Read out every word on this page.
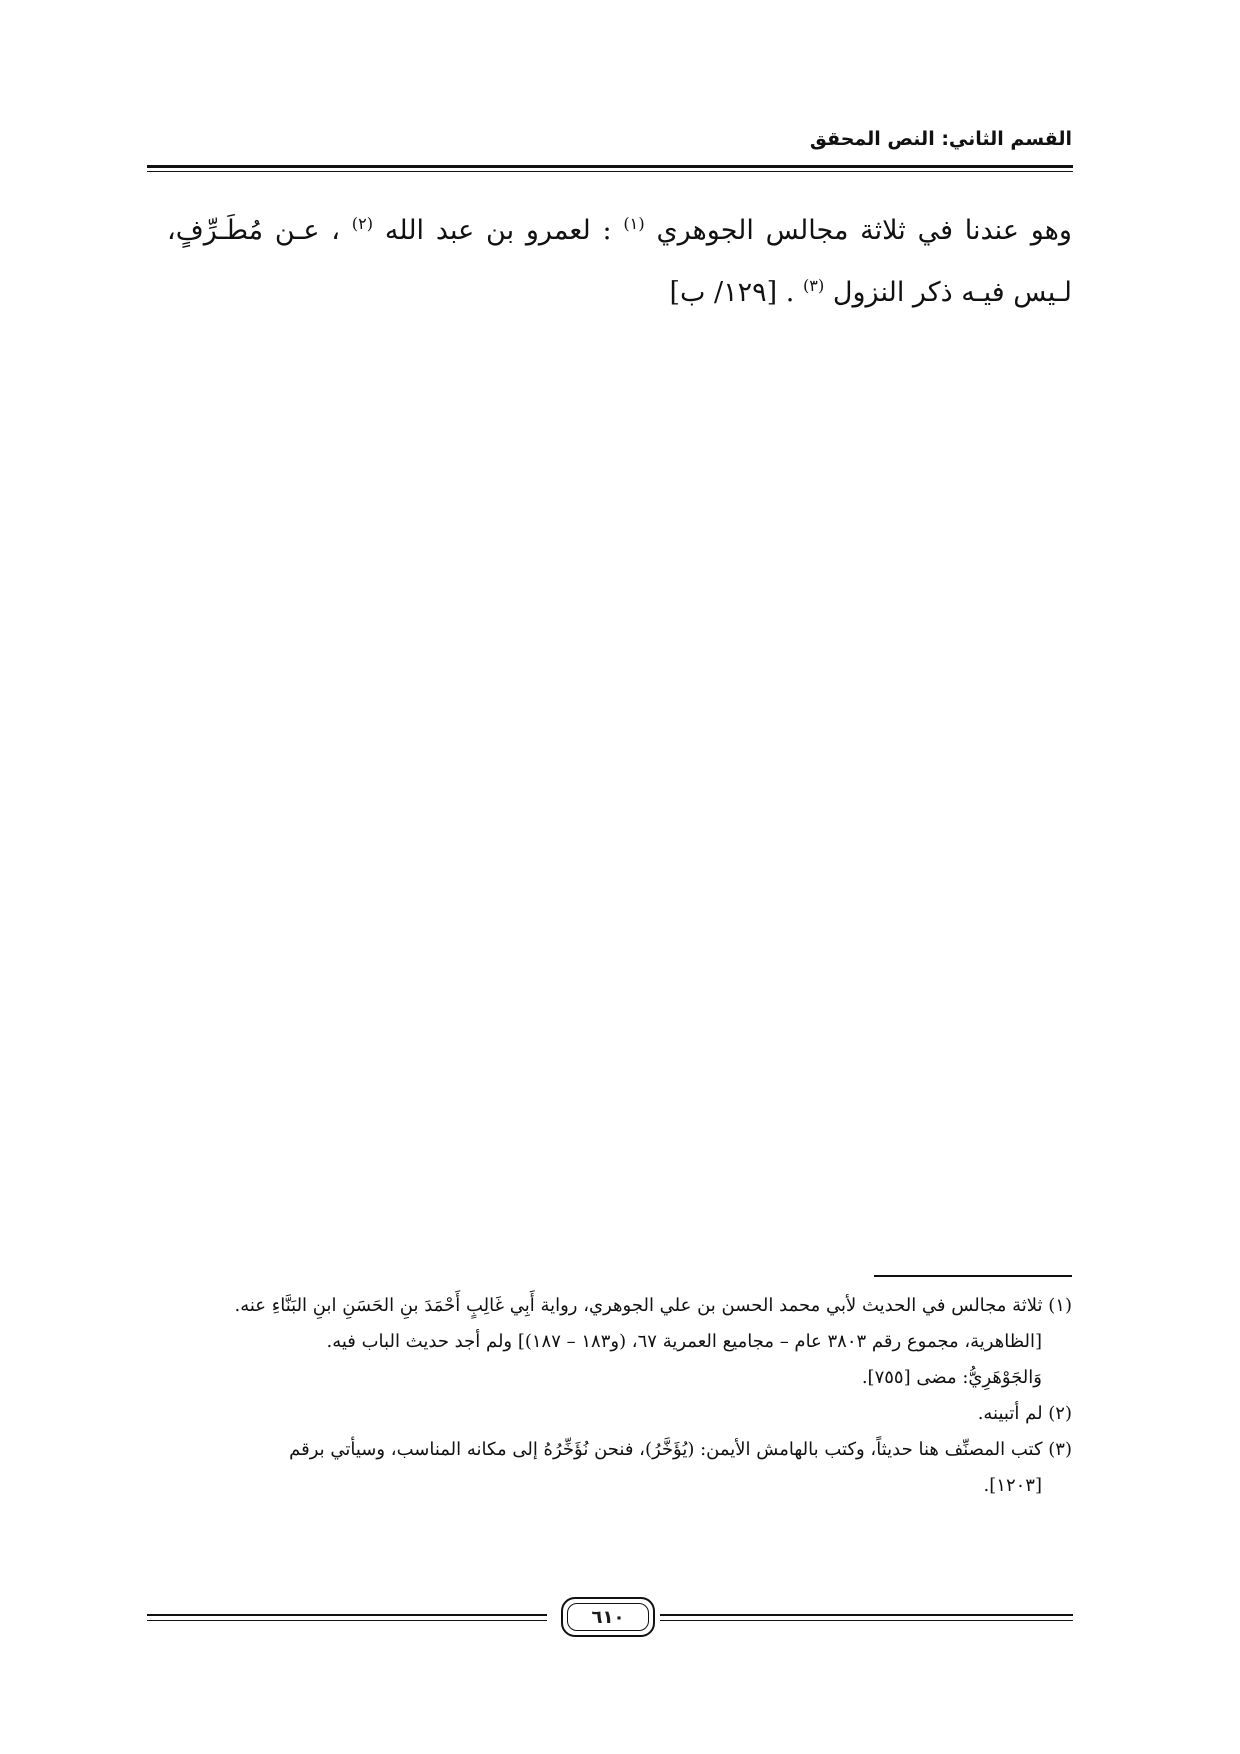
القسم الثاني: النص المحقق
وهو عندنا في ثلاثة مجالس الجوهري $^{(١)}$ : لعمرو بن عبد الله $^{(٢)}$ ، عـن مُطَـرِّفٍ، لـيس فيـه ذكر النزول $^{(٣)}$ . [١٢٩/ ب]

(١) ثلاثة مجالس في الحديث لأبي محمد الحسن بن علي الجوهري، رواية أَبِي غَالِبٍ أَحْمَدَ بنِ الحَسَنِ ابنِ البَنَّاءِ عنه.
[الظاهرية، مجموع رقم ٣٨٠٣ عام – مجاميع العمرية ٦٧، (و١٨٣ – ١٨٧)] ولم أجد حديث الباب فيه.
وَالجَوْهَرِيُّ: مضى [٧٥٥].

(٢) لم أتبينه.

(٣) كتب المصنِّف هنا حديثاً، وكتب بالهامش الأيمن: (يُؤَخَّرُ)، فنحن نُؤَخِّرُهُ إلى مكانه المناسب، وسيأتي برقم
[١٢٠٣].

٦١٠
